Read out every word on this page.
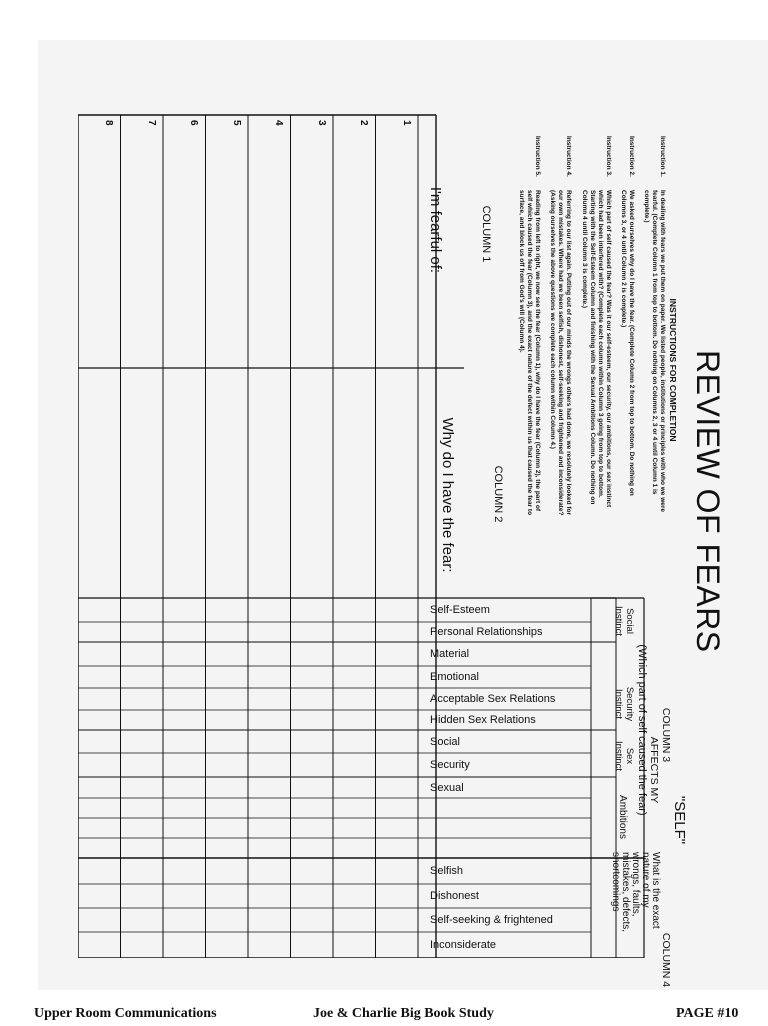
REVIEW OF FEARS
INSTRUCTIONS FOR COMPLETION
Instruction 1.
In dealing with fears we put them on paper. We listed people, institutions or principles with who we were
fearful. (Complete Column 1 from top to bottom. Do nothing on Columns 2, 3 or 4 until Column 1 is
complete.)
Instruction 2.
We asked ourselves why do I have the fear. (Complete Column 2 from top to bottom. Do nothing on
Columns 3, or 4 until Column 2 is complete.)
Instruction 3.
Which part of self caused the fear? Was it our self-esteem, our security, our ambitions, our sex instinct
which had been interfered with? (Complete each column within Column 3 going from top to bottom.
Starting with the Self-Esteem Column and finishing with the Sexual Ambitions Column. Do nothing on
Column 4 until Column 3 is complete.)
Instruction 4.
Referring to our list again. Putting out of our minds the wrongs others had done, we resolutely looked for
our own mistakes. Where had we been selfish, dishonest, self-seeking and frightened and inconsiderate?
(Asking ourselves the above questions we complete each column within Column 4.)
Instruction 5.
Reading from left to right, we now see the fear (Column 1), why do I have the fear (Column 2), the part of
self which caused the fear (Column 3), and the exact nature of the defect within us that caused the fear to
surface, and block us off from God's will (Column 4).
COLUMN 1
COLUMN 2
I'm fearful of:
Why do I have the fear:
"SELF"
COLUMN 3
COLUMN 4
AFFECTS MY
(Which part of self caused the fear)
Social
Instinct
Security
Instinct
Sex
Instinct
Ambitions
What is the exact
nature of my
wrongs, faults,
mistakes, defects,
shortcomings
Self-Esteem
Personal Relationships
Material
Emotional
Acceptable Sex Relations
Hidden Sex Relations
Social
Security
Sexual
Selfish
Dishonest
Self-seeking & frightened
Inconsiderate
1
2
3
4
5
6
7
8
Upper Room Communications	Joe & Charlie Big Book Study	PAGE #10
